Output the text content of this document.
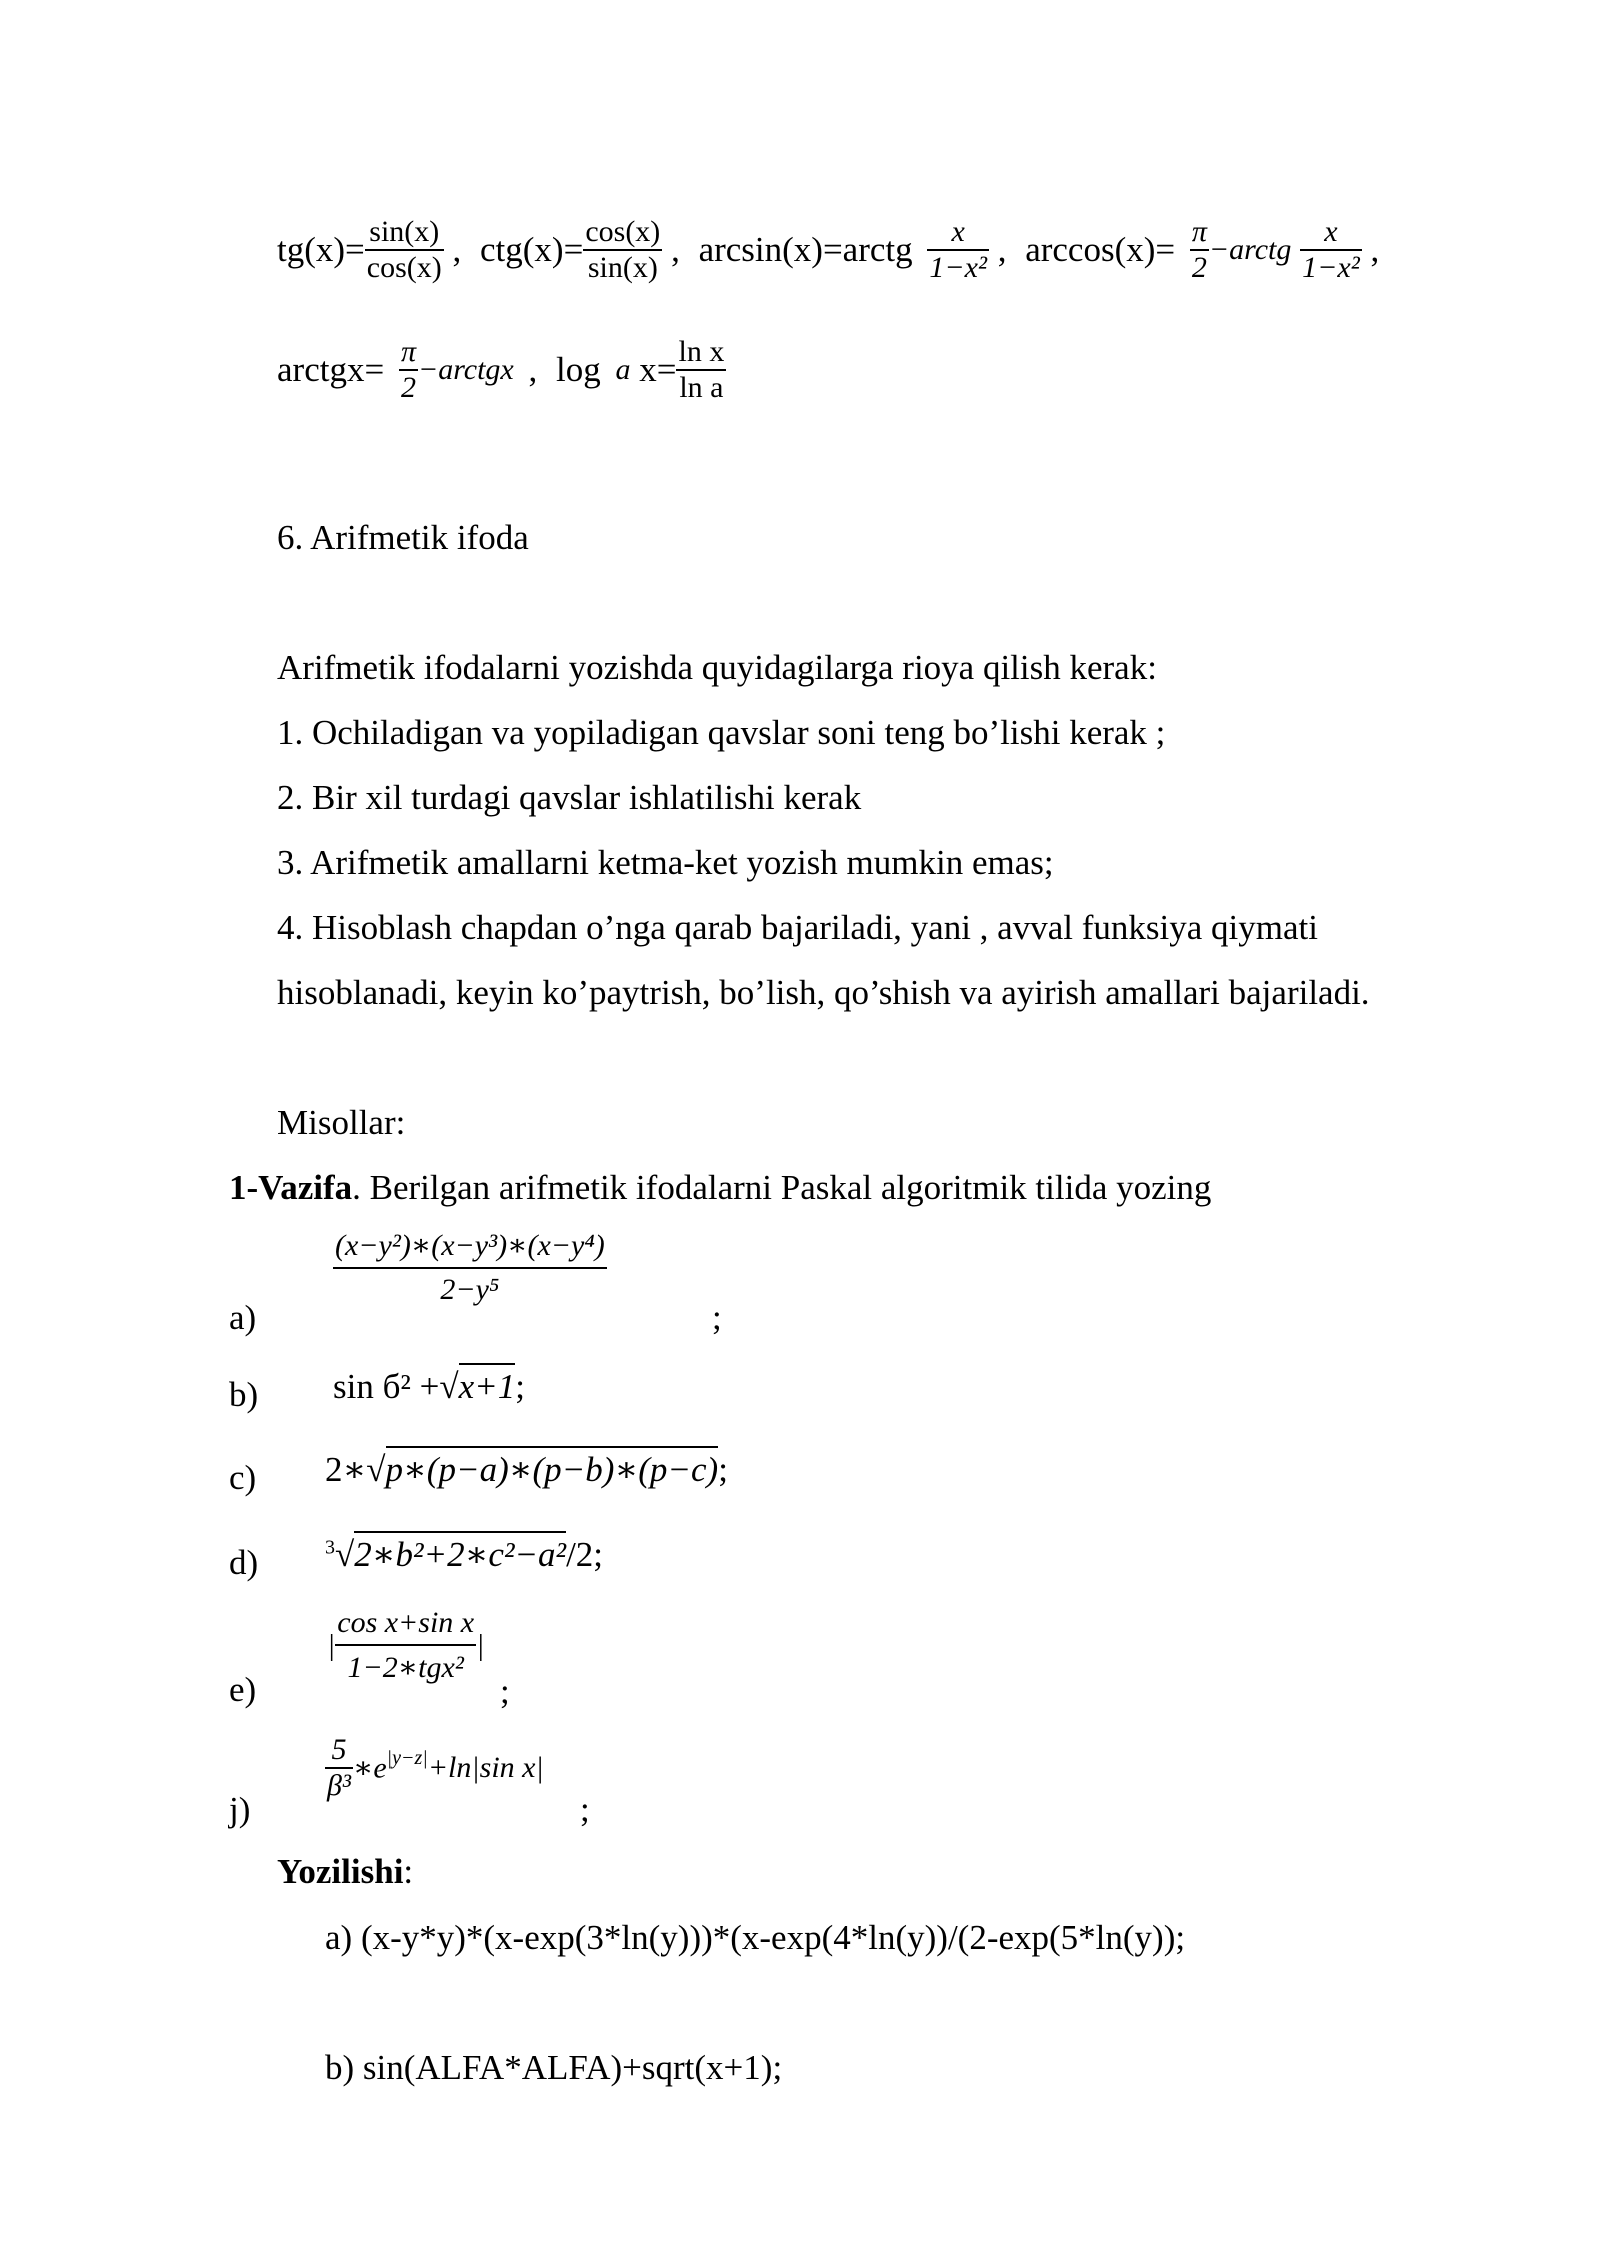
$tg(x)= \frac{\sin(x)}{\cos(x)}$ , $ctg(x)= \frac{\cos(x)}{\sin(x)}$ , arcsin(x)=arctg $\frac{x}{\text{1−x²}}$ , $\arccos(x)= \frac{\pi}{2}$ −arctg $\frac{x}{\text{1−x²}}$ ,
arctgx= $\frac{\pi}{2}$ −arctgx , log a $x= \frac{\text{ln x}}{\text{ln a}}$
6. Arifmetik ifoda
Arifmetik ifodalarni yozishda quyidagilarga rioya qilish kerak:
1. Ochiladigan va yopiladigan qavslar soni teng bo’lishi kerak ;
2. Bir xil turdagi qavslar ishlatilishi kerak
3. Arifmetik amallarni ketma-ket yozish mumkin emas;
4. Hisoblash chapdan o’nga qarab bajariladi, yani , avval funksiya qiymati
hisoblanadi, keyin ko’paytrish, bo’lish, qo’shish va ayirish amallari bajariladi.
Misollar:
1-Vazifa. Berilgan arifmetik ifodalarni Paskal algoritmik tilida yozing
a)
$\frac{\text{(x−y²)∗(x−y³)∗(x−y⁴)}}{\text{2−y⁵}}$
;
b) sin б² +√x+1;
c) 2∗√p∗(p−a)∗(p−b)∗(p−c);
d)	$^3$√2∗b²+2∗c²−a²/2;
e)
| $\frac{\text{cos x+sin x}}{\text{1−2∗tgx²}}$ |
;
j)
$\frac{5}{\text{β³}}$ $∗e^{|y-z|}+\ln|\sin$ x|
;
Yozilishi:
a) (x-y*y)*(x-exp(3*ln(y)))*(x-exp(4*ln(y))/(2-exp(5*ln(y));
b) sin(ALFA*ALFA)+sqrt(x+1);
